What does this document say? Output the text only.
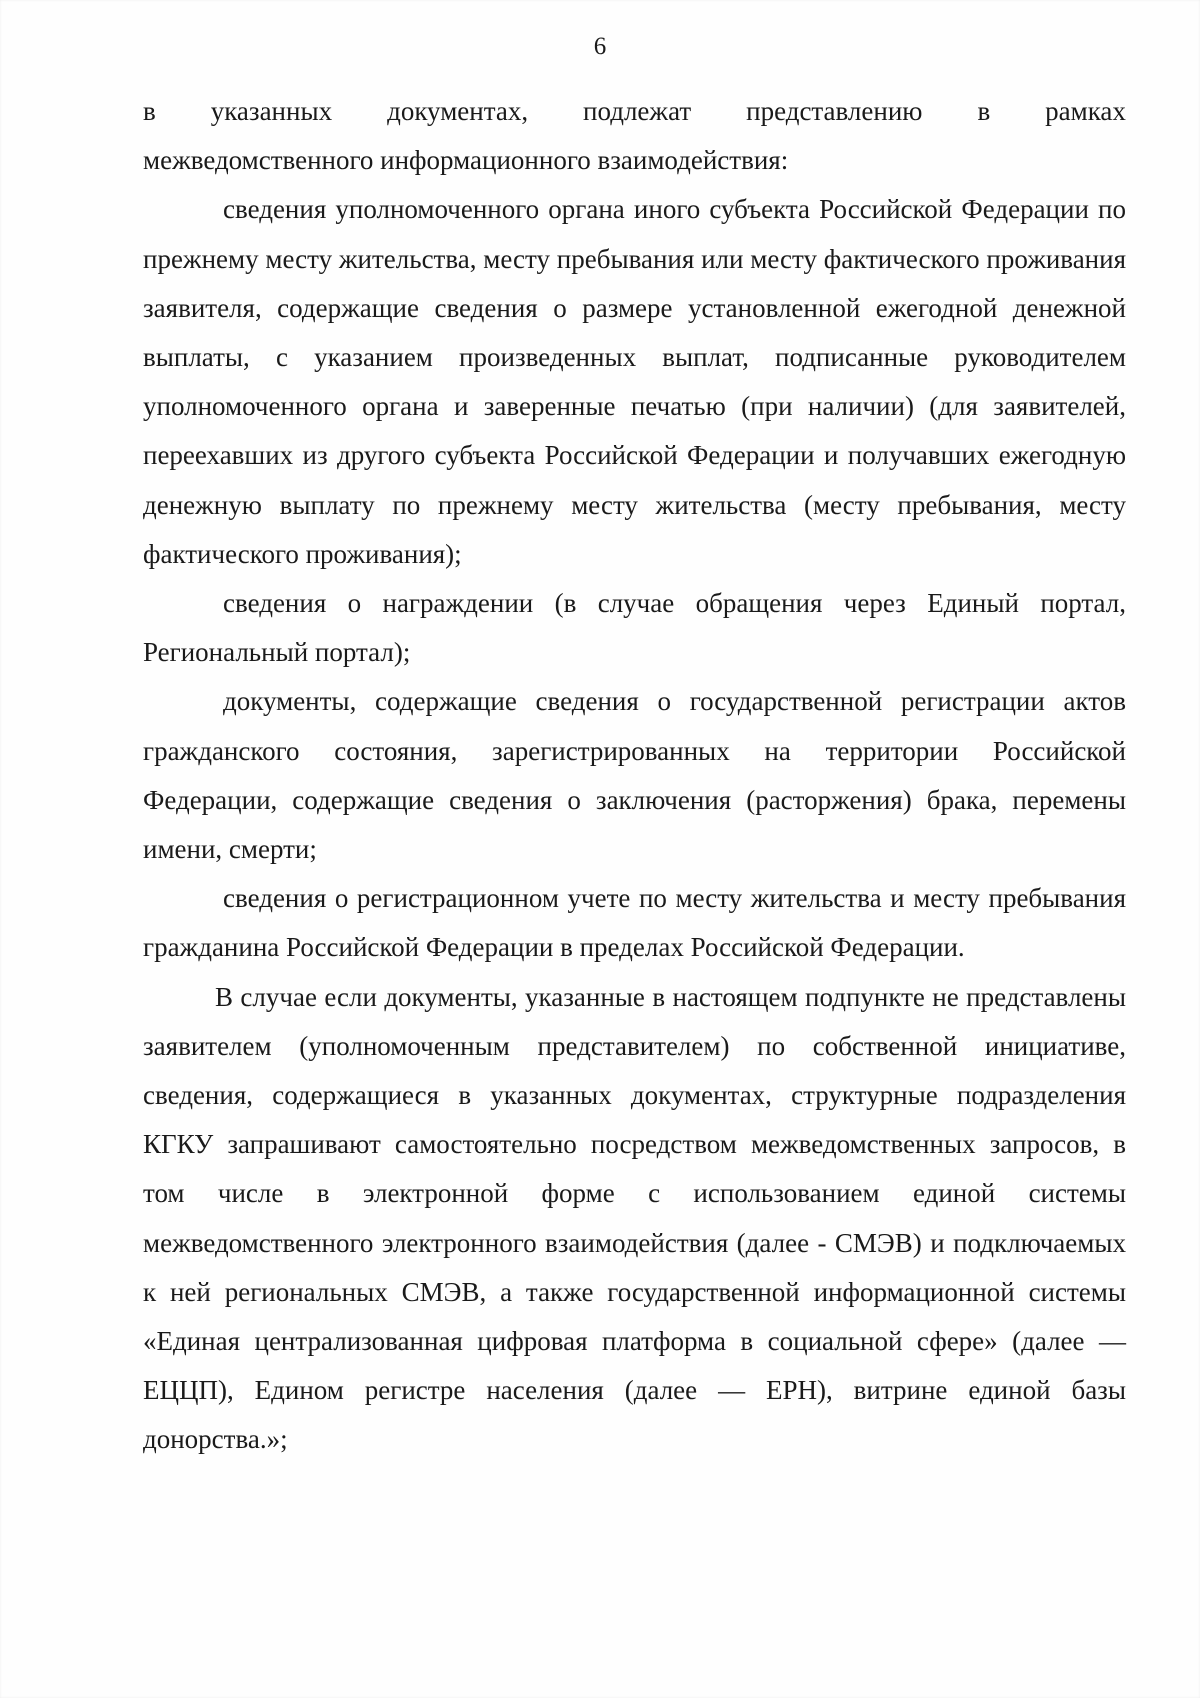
6
в указанных документах, подлежат представлению в рамках

межведомственного информационного взаимодействия:

сведения уполномоченного органа иного субъекта Российской Федерации по прежнему месту жительства, месту пребывания или месту фактического проживания заявителя, содержащие сведения о размере установленной ежегодной денежной выплаты, с указанием произведенных выплат, подписанные руководителем уполномоченного органа и заверенные печатью (при наличии) (для заявителей, переехавших из другого субъекта Российской Федерации и получавших ежегодную денежную выплату по прежнему месту жительства (месту пребывания, месту фактического проживания);

сведения о награждении (в случае обращения через Единый портал, Региональный портал);

документы, содержащие сведения о государственной регистрации актов гражданского состояния, зарегистрированных на территории Российской Федерации, содержащие сведения о заключения (расторжения) брака, перемены имени, смерти;

сведения о регистрационном учете по месту жительства и месту пребывания гражданина Российской Федерации в пределах Российской Федерации.

В случае если документы, указанные в настоящем подпункте не представлены заявителем (уполномоченным представителем) по собственной инициативе, сведения, содержащиеся в указанных документах, структурные подразделения КГКУ запрашивают самостоятельно посредством межведомственных запросов, в том числе в электронной форме с использованием единой системы межведомственного электронного взаимодействия (далее - СМЭВ) и подключаемых к ней региональных СМЭВ, а также государственной информационной системы «Единая централизованная цифровая платформа в социальной сфере» (далее — ЕЦЦП), Едином регистре населения (далее — ЕРН), витрине единой базы донорства.»;
